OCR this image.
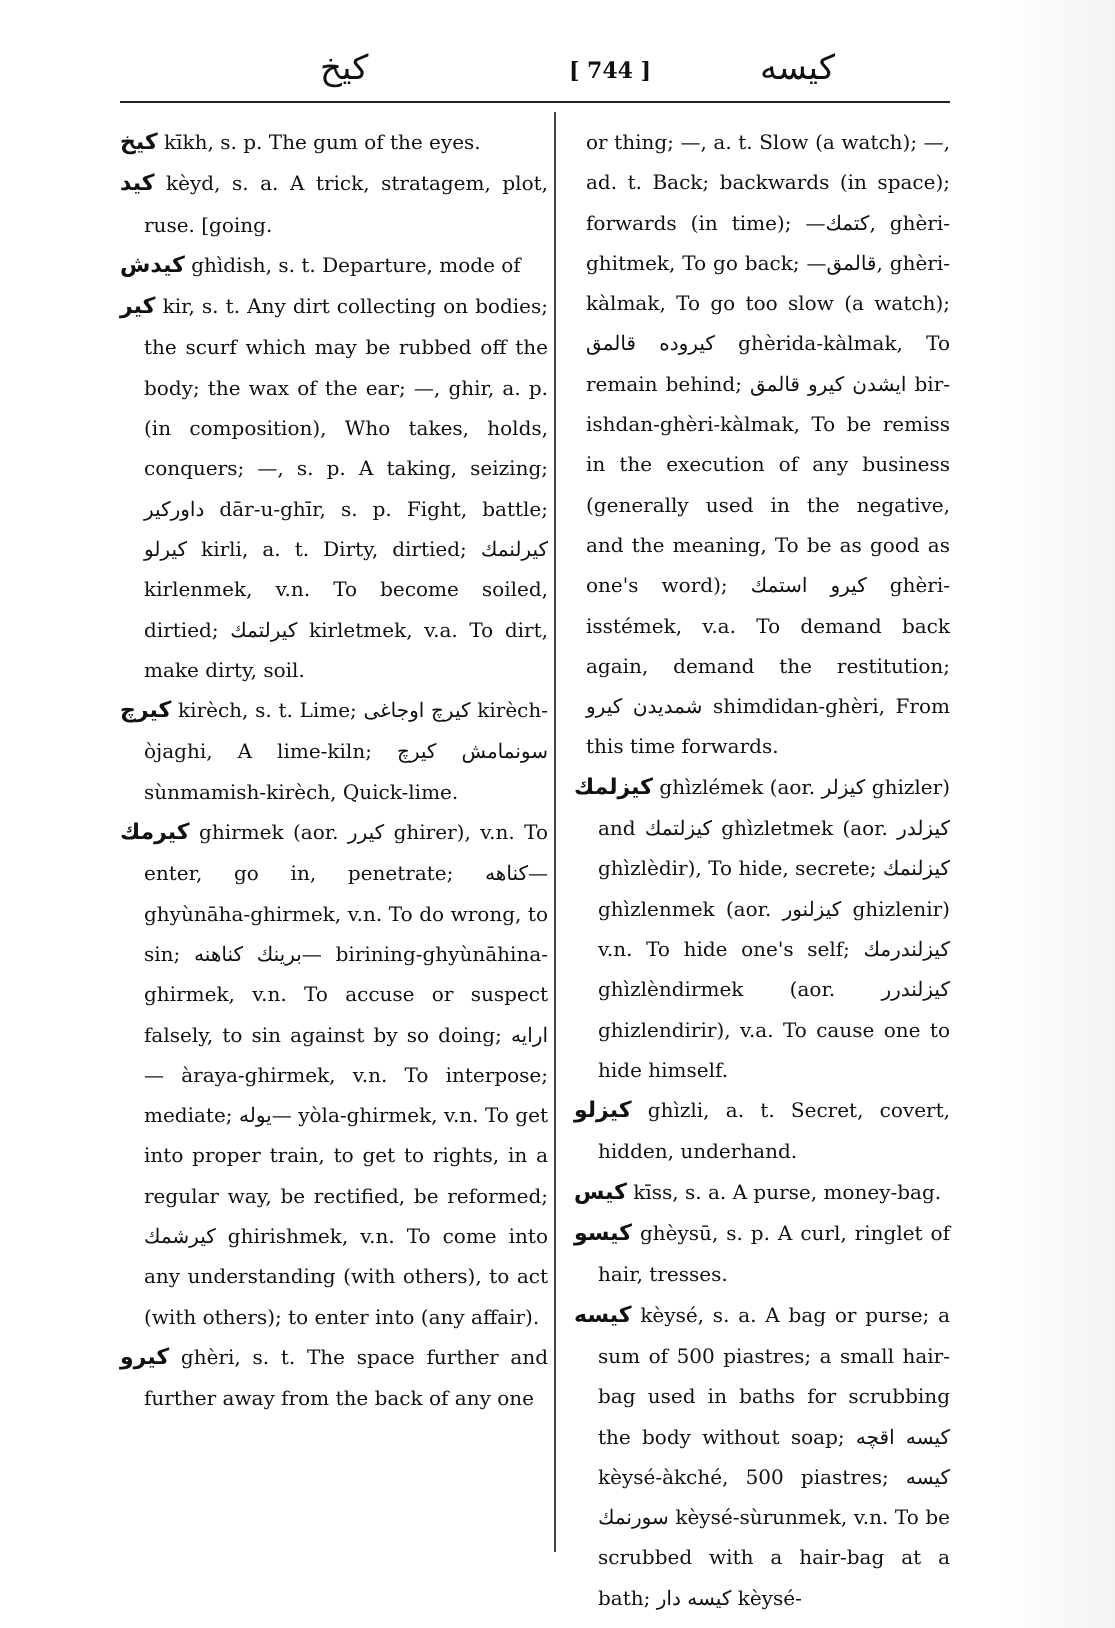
كيخ	[ 744 ]	كيسه

كيخ kīkh, s. p. The gum of the eyes.

كيد kèyd, s. a. A trick, stratagem, plot, ruse. [going.

كيدش ghìdish, s. t. Departure, mode of

كير kir, s. t. Any dirt collecting on bodies; the scurf which may be rubbed off the body; the wax of the ear; —, ghir, a. p. (in composition), Who takes, holds, conquers; —, s. p. A taking, seizing; داوركير dār-u-ghīr, s. p. Fight, battle; كيرلو kirli, a. t. Dirty, dirtied; كيرلنمك kirlenmek, v.n. To become soiled, dirtied; كيرلتمك kirletmek, v.a. To dirt, make dirty, soil.

كيرچ kirèch, s. t. Lime; كيرچ اوجاغى kirèch-òjaghi, A lime-kiln; سونمامش كيرچ sùnmamish-kirèch, Quick-lime.

كيرمك ghirmek (aor. كيرر ghirer), v.n. To enter, go in, penetrate; كناهه— ghyùnāha-ghirmek, v.n. To do wrong, to sin; برينك كناهنه— birining-ghyùnāhina-ghirmek, v.n. To accuse or suspect falsely, to sin against by so doing; ارايه— àraya-ghirmek, v.n. To interpose; mediate; يوله— yòla-ghirmek, v.n. To get into proper train, to get to rights, in a regular way, be rectified, be reformed; كيرشمك ghirishmek, v.n. To come into any understanding (with others), to act (with others); to enter into (any affair).

كيرو ghèri, s. t. The space further and further away from the back of any one

or thing; —, a. t. Slow (a watch); —, ad. t. Back; backwards (in space); forwards (in time); —كتمك, ghèri-ghitmek, To go back; —قالمق, ghèri-kàlmak, To go too slow (a watch); كيروده قالمق ghèrida-kàlmak, To remain behind; ايشدن كيرو قالمق bir-ishdan-ghèri-kàlmak, To be remiss in the execution of any business (generally used in the negative, and the meaning, To be as good as one's word); كيرو استمك ghèri-isstémek, v.a. To demand back again, demand the restitution; شمديدن كيرو shimdidan-ghèri, From this time forwards.

كيزلمك ghìzlémek (aor. كيزلر ghizler) and كيزلتمك ghìzletmek (aor. كيزلدر ghìzlèdir), To hide, secrete; كيزلنمك ghìzlenmek (aor. كيزلنور ghizlenir) v.n. To hide one's self; كيزلندرمك ghìzlèndirmek (aor. كيزلندرر ghizlendirir), v.a. To cause one to hide himself.

كيزلو ghìzli, a. t. Secret, covert, hidden, underhand.

كيس kīss, s. a. A purse, money-bag.

كيسو ghèysū, s. p. A curl, ringlet of hair, tresses.

كيسه kèysé, s. a. A bag or purse; a sum of 500 piastres; a small hair-bag used in baths for scrubbing the body without soap; كيسه اقچه kèysé-àkché, 500 piastres; كيسه سورنمك kèysé-sùrunmek, v.n. To be scrubbed with a hair-bag at a bath; كيسه دار kèysé-
